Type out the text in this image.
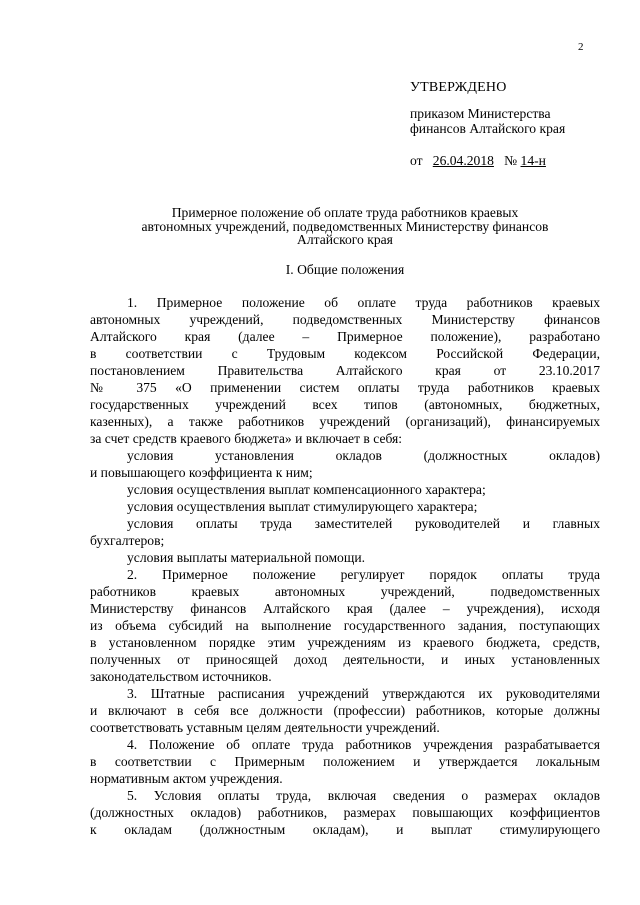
2
УТВЕРЖДЕНО
приказом Министерства
финансов Алтайского края
от 26.04.2018 № 14-н
Примерное положение об оплате труда работников краевых
автономных учреждений, подведомственных Министерству финансов
Алтайского края
I. Общие положения
1. Примерное положение об оплате труда работников краевых
автономных учреждений, подведомственных Министерству финансов
Алтайского края (далее – Примерное положение), разработано
в соответствии с Трудовым кодексом Российской Федерации,
постановлением Правительства Алтайского края от 23.10.2017
№ 375 «О применении систем оплаты труда работников краевых
государственных учреждений всех типов (автономных, бюджетных,
казенных), а также работников учреждений (организаций), финансируемых
за счет средств краевого бюджета» и включает в себя:
условия установления окладов (должностных окладов)
и повышающего коэффициента к ним;
условия осуществления выплат компенсационного характера;
условия осуществления выплат стимулирующего характера;
условия оплаты труда заместителей руководителей и главных
бухгалтеров;
условия выплаты материальной помощи.
2. Примерное положение регулирует порядок оплаты труда
работников краевых автономных учреждений, подведомственных
Министерству финансов Алтайского края (далее – учреждения), исходя
из объема субсидий на выполнение государственного задания, поступающих
в установленном порядке этим учреждениям из краевого бюджета, средств,
полученных от приносящей доход деятельности, и иных установленных
законодательством источников.
3. Штатные расписания учреждений утверждаются их руководителями
и включают в себя все должности (профессии) работников, которые должны
соответствовать уставным целям деятельности учреждений.
4. Положение об оплате труда работников учреждения разрабатывается
в соответствии с Примерным положением и утверждается локальным
нормативным актом учреждения.
5. Условия оплаты труда, включая сведения о размерах окладов
(должностных окладов) работников, размерах повышающих коэффициентов
к окладам (должностным окладам), и выплат стимулирующего
